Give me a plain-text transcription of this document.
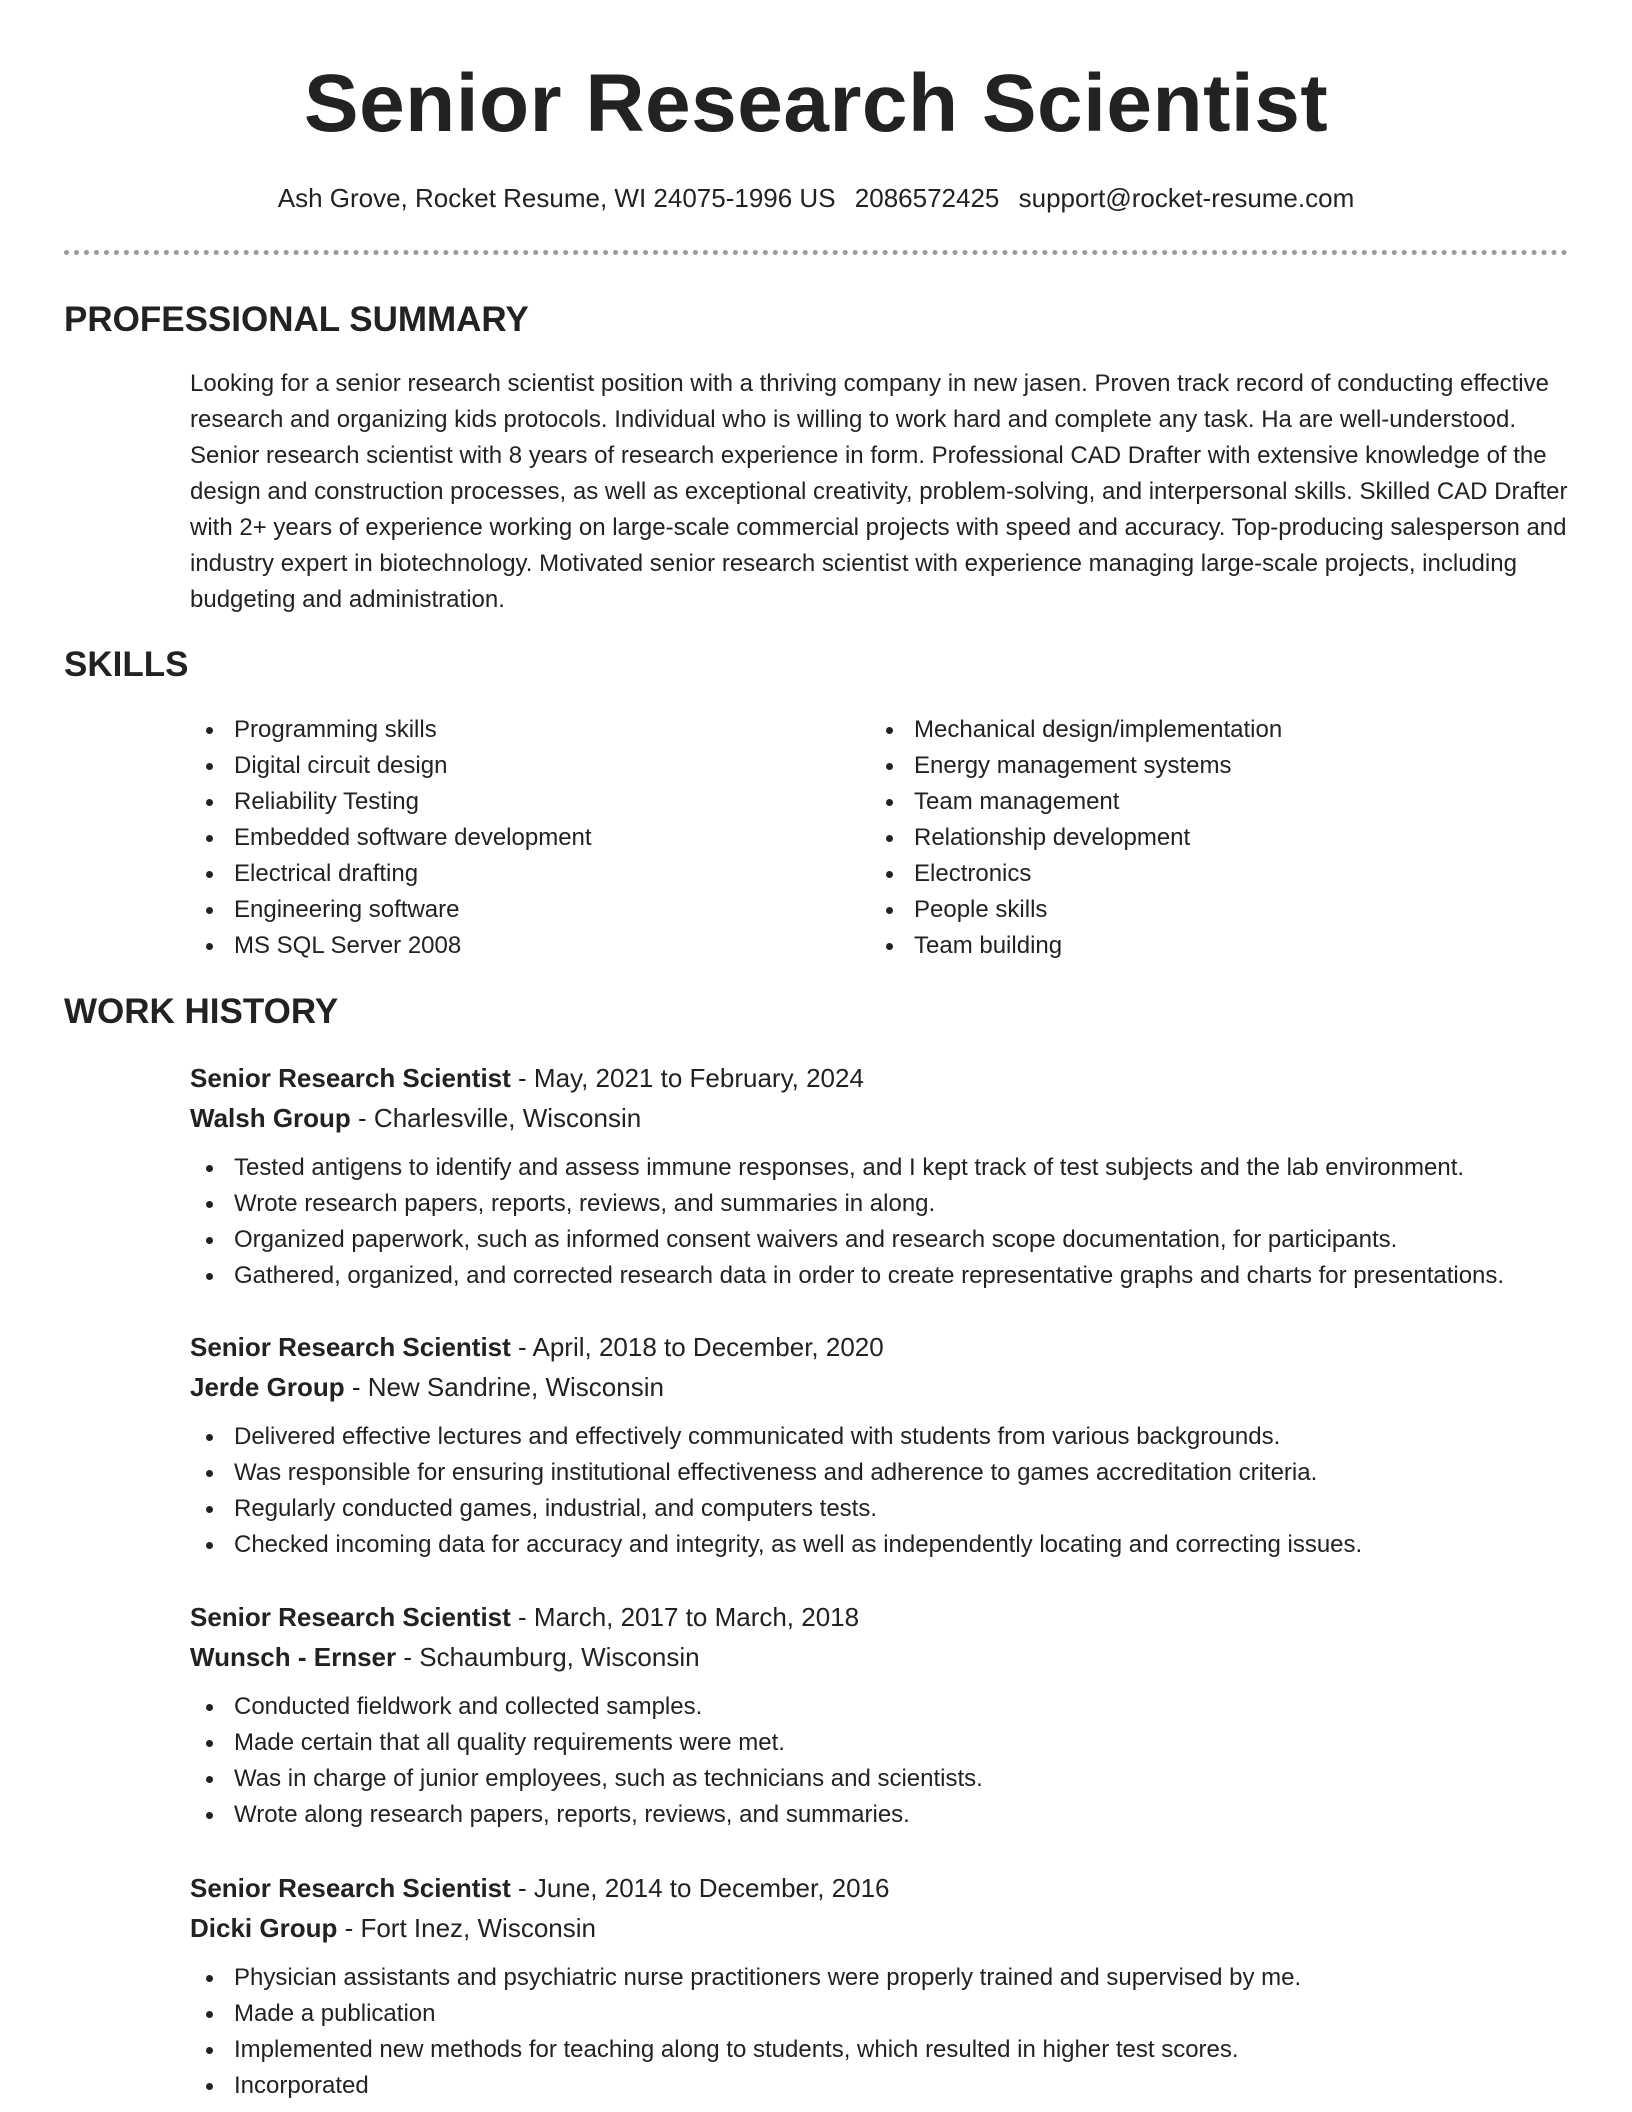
Senior Research Scientist
Ash Grove, Rocket Resume, WI 24075-1996 US 2086572425 support@rocket-resume.com
PROFESSIONAL SUMMARY

Looking for a senior research scientist position with a thriving company in new jasen. Proven track record of conducting effective research and organizing kids protocols. Individual who is willing to work hard and complete any task. Ha are well-understood. Senior research scientist with 8 years of research experience in form. Professional CAD Drafter with extensive knowledge of the design and construction processes, as well as exceptional creativity, problem-solving, and interpersonal skills. Skilled CAD Drafter with 2+ years of experience working on large-scale commercial projects with speed and accuracy. Top-producing salesperson and industry expert in biotechnology. Motivated senior research scientist with experience managing large-scale projects, including budgeting and administration.

SKILLS
Programming skills
Digital circuit design
Reliability Testing
Embedded software development
Electrical drafting
Engineering software
MS SQL Server 2008
Mechanical design/implementation
Energy management systems
Team management
Relationship development
Electronics
People skills
Team building
WORK HISTORY
Senior Research Scientist - May, 2021 to February, 2024
Walsh Group - Charlesville, Wisconsin
Tested antigens to identify and assess immune responses, and I kept track of test subjects and the lab environment.
Wrote research papers, reports, reviews, and summaries in along.
Organized paperwork, such as informed consent waivers and research scope documentation, for participants.
Gathered, organized, and corrected research data in order to create representative graphs and charts for presentations.
Senior Research Scientist - April, 2018 to December, 2020
Jerde Group - New Sandrine, Wisconsin
Delivered effective lectures and effectively communicated with students from various backgrounds.
Was responsible for ensuring institutional effectiveness and adherence to games accreditation criteria.
Regularly conducted games, industrial, and computers tests.
Checked incoming data for accuracy and integrity, as well as independently locating and correcting issues.
Senior Research Scientist - March, 2017 to March, 2018
Wunsch - Ernser - Schaumburg, Wisconsin
Conducted fieldwork and collected samples.
Made certain that all quality requirements were met.
Was in charge of junior employees, such as technicians and scientists.
Wrote along research papers, reports, reviews, and summaries.
Senior Research Scientist - June, 2014 to December, 2016
Dicki Group - Fort Inez, Wisconsin
Physician assistants and psychiatric nurse practitioners were properly trained and supervised by me.
Made a publication
Implemented new methods for teaching along to students, which resulted in higher test scores.
Incorporated
